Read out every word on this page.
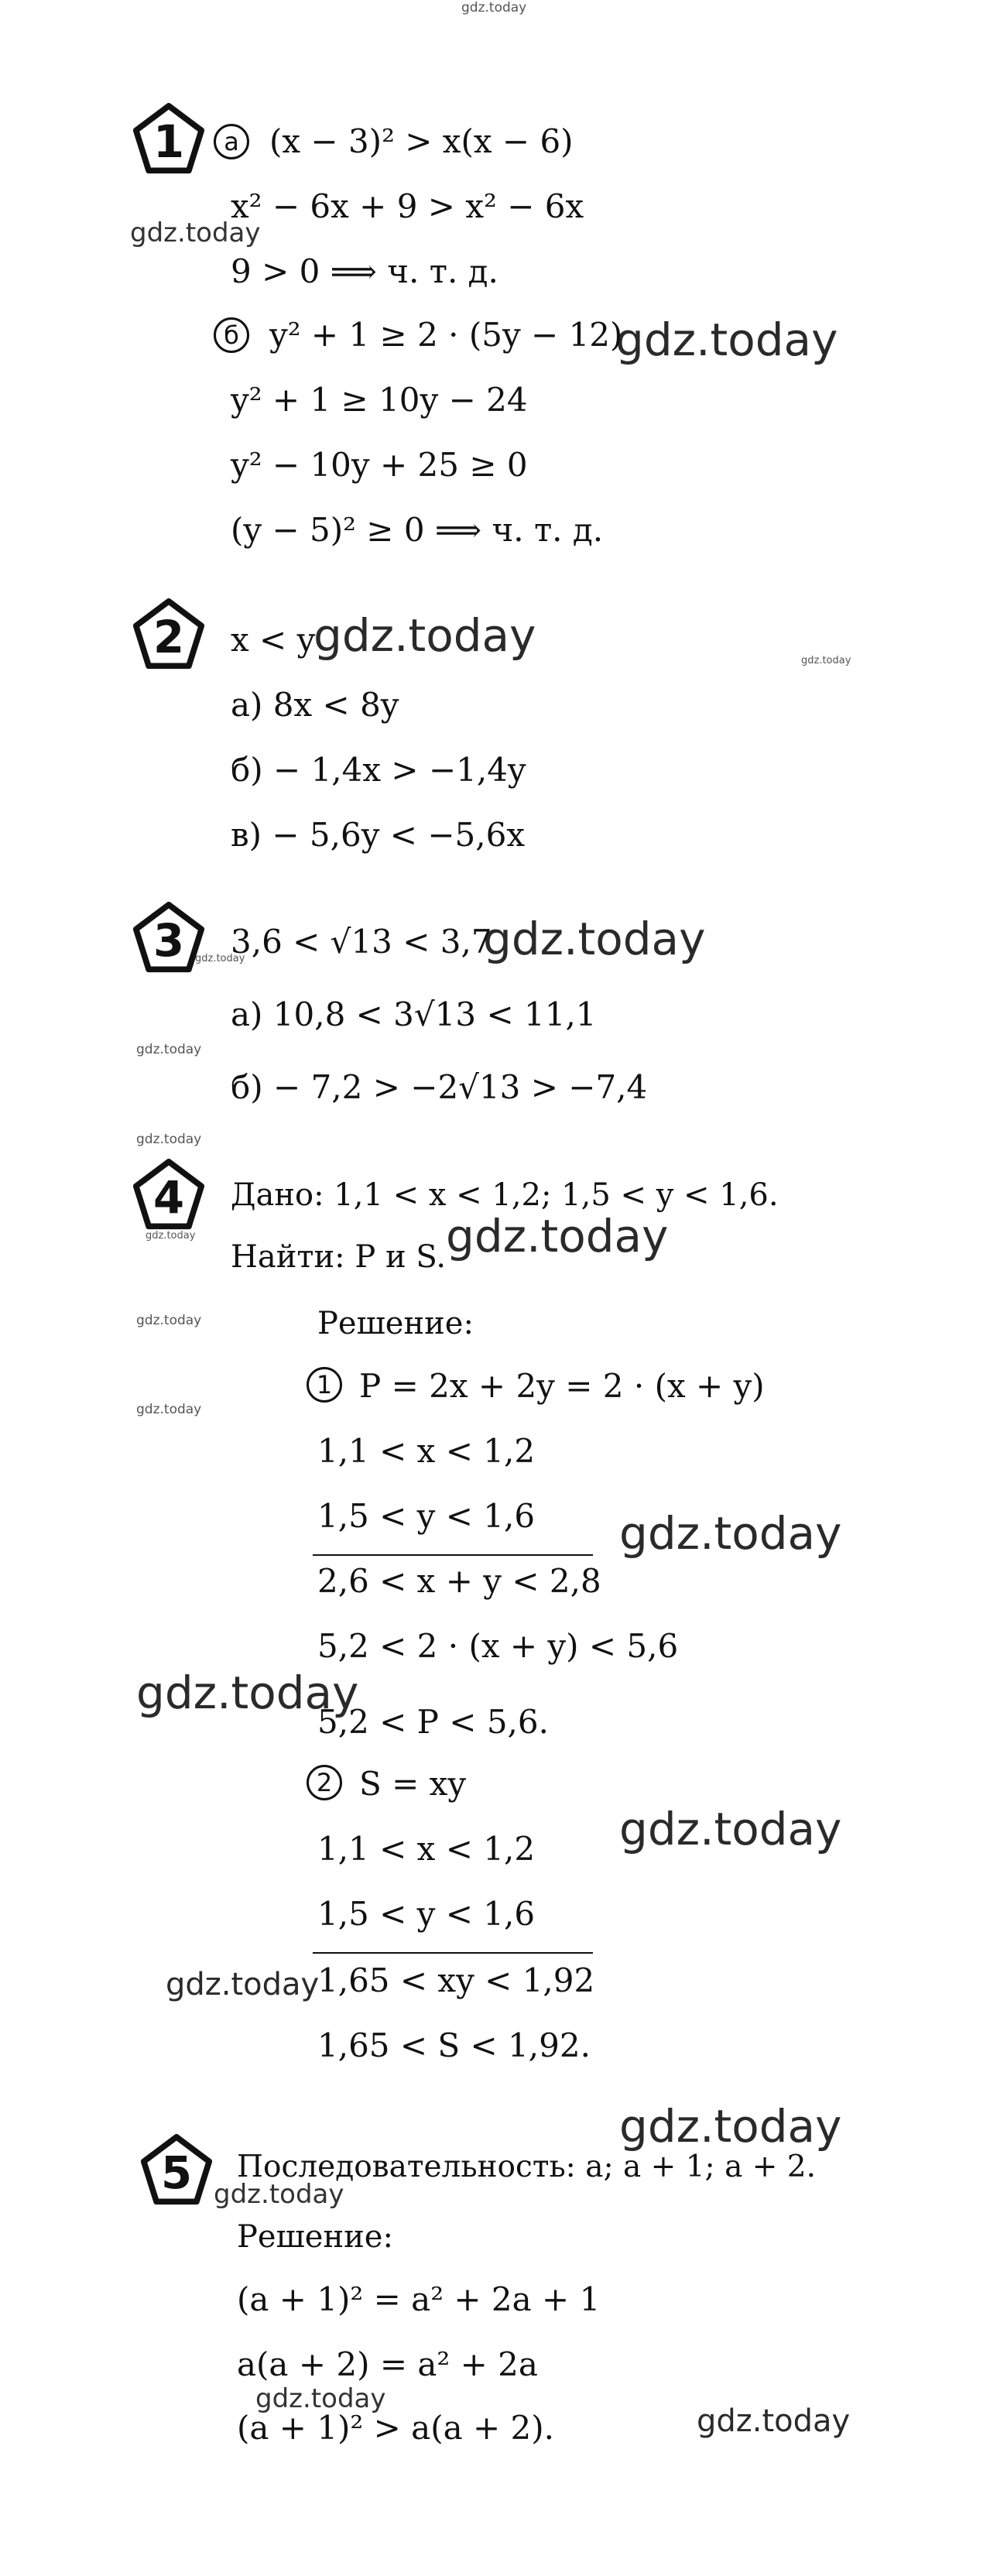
gdz.today
gdz.today
gdz.today
gdz.today	gdz.today
gdz.today
gdz.today
gdz.today
gdz.today
gdz.today
gdz.today
gdz.today
gdz.today
gdz.today
gdz.today
gdz.today
gdz.today
gdz.today
gdz.today
gdz.today
gdz.today
1	а (x − 3)² > x(x − 6)
x² − 6x + 9 > x² − 6x
9 > 0 ⟹ ч. т. д.
б y² + 1 ≥ 2 · (5y − 12)
y² + 1 ≥ 10y − 24
y² − 10y + 25 ≥ 0
(y − 5)² ≥ 0 ⟹ ч. т. д.
2 x < y
а) 8x < 8y
б) − 1,4x > −1,4y
в) − 5,6y < −5,6x
3 3,6 < √13 < 3,7
а) 10,8 < 3√13 < 11,1
б) − 7,2 > −2√13 > −7,4
4 Дано: 1,1 < x < 1,2; 1,5 < y < 1,6.
Найти: P и S.
Решение:
1 P = 2x + 2y = 2 · (x + y)
1,1 < x < 1,2
1,5 < y < 1,6
2,6 < x + y < 2,8
5,2 < 2 · (x + y) < 5,6
5,2 < P < 5,6.
2 S = xy
1,1 < x < 1,2
1,5 < y < 1,6
1,65 < xy < 1,92
1,65 < S < 1,92.
5 Последовательность: a; a + 1; a + 2.
Решение:
(a + 1)² = a² + 2a + 1
a(a + 2) = a² + 2a
(a + 1)² > a(a + 2).
